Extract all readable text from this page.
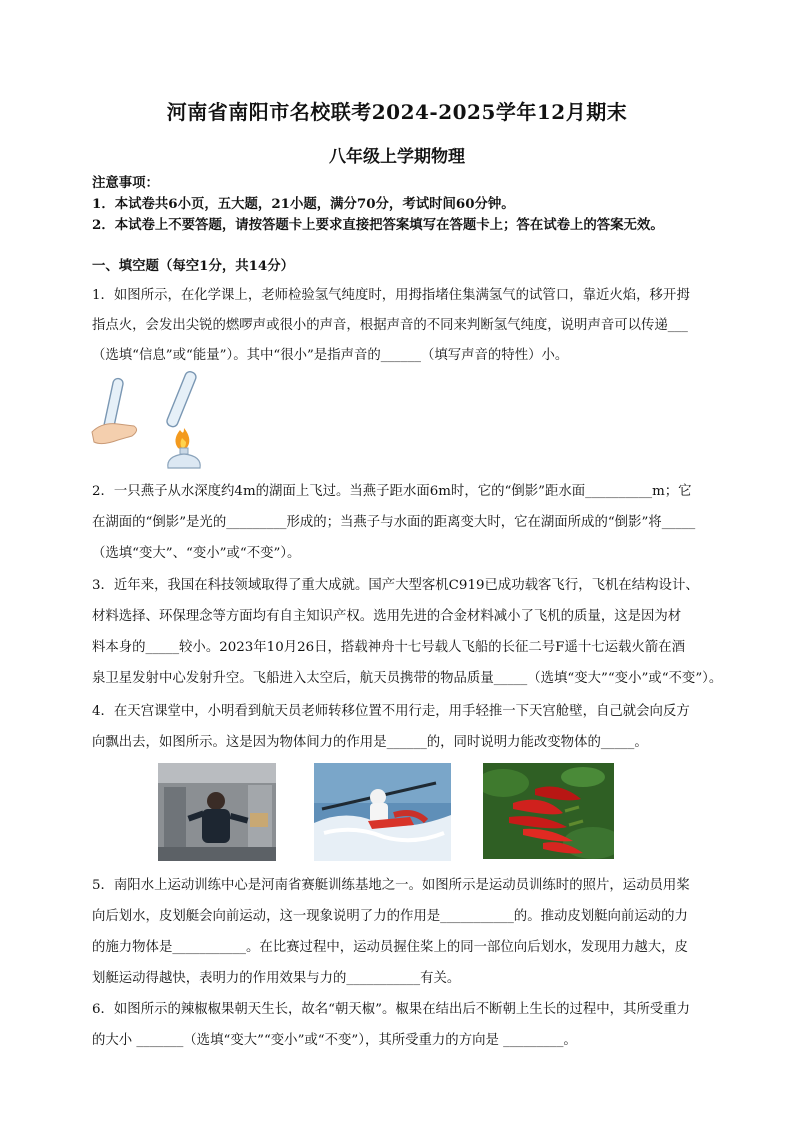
河南省南阳市名校联考2024-2025学年12月期末
八年级上学期物理
注意事项：
1．本试卷共6小页，五大题，21小题，满分70分，考试时间60分钟。
2．本试卷上不要答题，请按答题卡上要求直接把答案填写在答题卡上；答在试卷上的答案无效。
一、填空题（每空1分，共14分）
1．如图所示，在化学课上，老师检验氢气纯度时，用拇指堵住集满氢气的试管口，靠近火焰，移开拇
指点火，会发出尖锐的燃啰声或很小的声音，根据声音的不同来判断氢气纯度，说明声音可以传递___
（选填“信息”或“能量”）。其中“很小”是指声音的______（填写声音的特性）小。
2．一只燕子从水深度约4m的湖面上飞过。当燕子距水面6m时，它的“倒影”距水面__________m；它
在湖面的“倒影”是光的_________形成的；当燕子与水面的距离变大时，它在湖面所成的“倒影”将_____
（选填“变大”、“变小”或“不变”）。
3．近年来，我国在科技领域取得了重大成就。国产大型客机C919已成功载客飞行，飞机在结构设计、
材料选择、环保理念等方面均有自主知识产权。选用先进的合金材料减小了飞机的质量，这是因为材
料本身的_____较小。2023年10月26日，搭载神舟十七号载人飞船的长征二号F遥十七运载火箭在酒
泉卫星发射中心发射升空。飞船进入太空后，航天员携带的物品质量_____（选填“变大”“变小”或“不变”）。
4．在天宫课堂中，小明看到航天员老师转移位置不用行走，用手轻推一下天宫舱壁，自己就会向反方
向飘出去，如图所示。这是因为物体间力的作用是______的，同时说明力能改变物体的_____。
5．南阳水上运动训练中心是河南省赛艇训练基地之一。如图所示是运动员训练时的照片，运动员用桨
向后划水，皮划艇会向前运动，这一现象说明了力的作用是___________的。推动皮划艇向前运动的力
的施力物体是___________。在比赛过程中，运动员握住桨上的同一部位向后划水，发现用力越大，皮
划艇运动得越快，表明力的作用效果与力的___________有关。
6．如图所示的辣椒椒果朝天生长，故名“朝天椒”。椒果在结出后不断朝上生长的过程中，其所受重力
的大小 _______（选填“变大”“变小”或“不变”），其所受重力的方向是 _________。
